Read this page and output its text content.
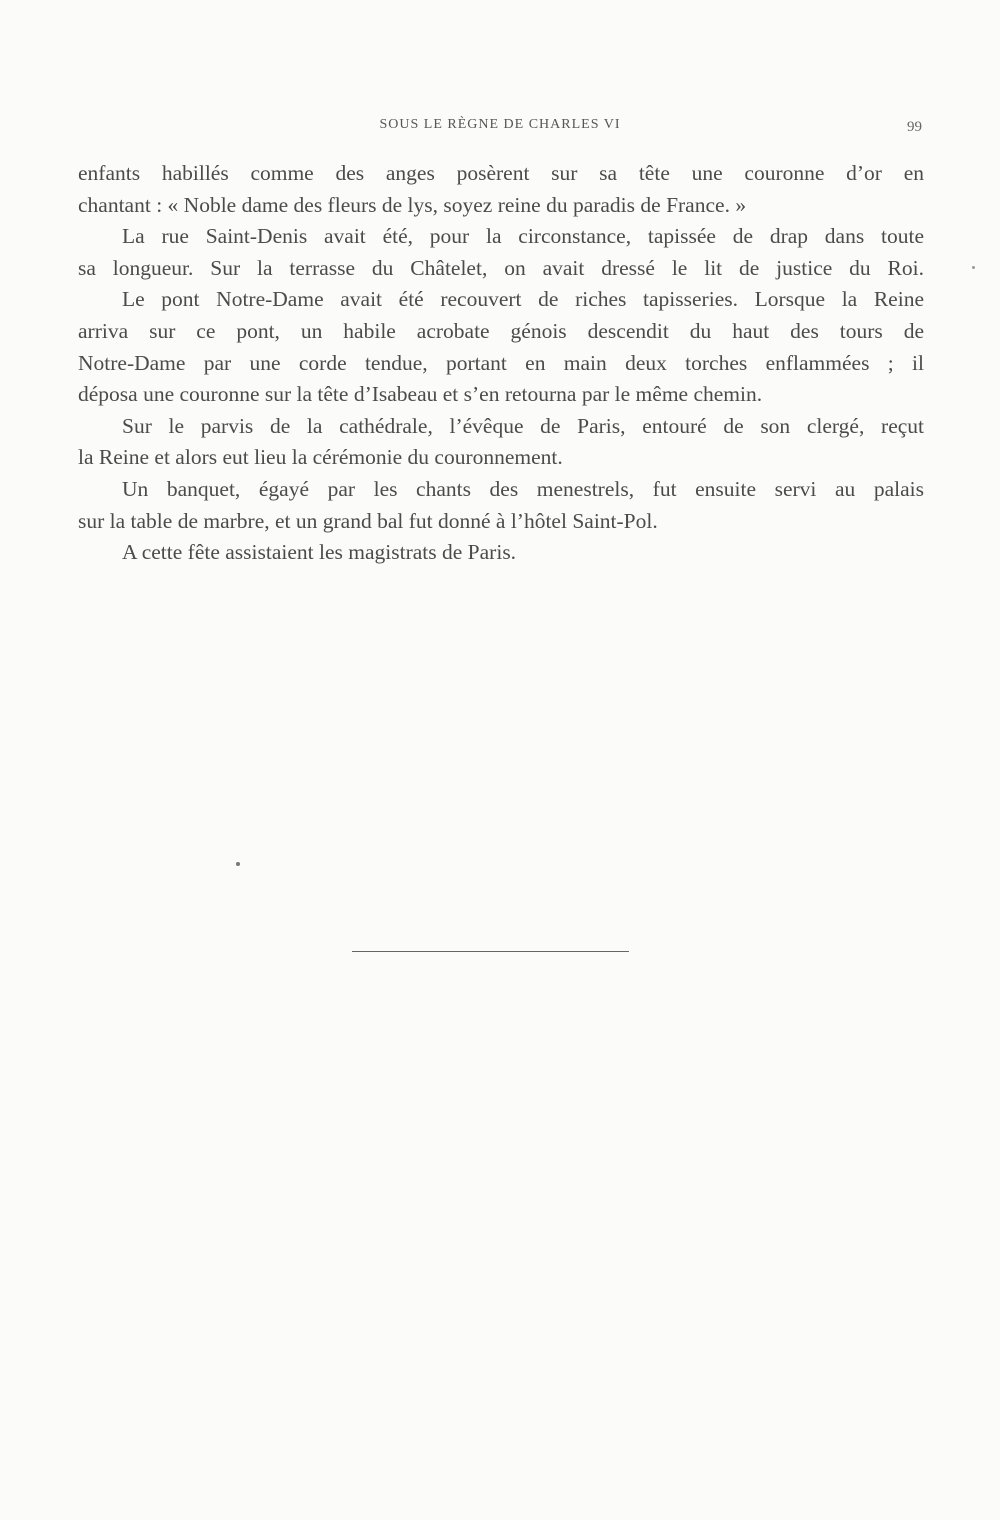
SOUS LE RÈGNE DE CHARLES VI	99
enfants habillés comme des anges posèrent sur sa tête une couronne d’or en
chantant : « Noble dame des fleurs de lys, soyez reine du paradis de France. »
La rue Saint-Denis avait été, pour la circonstance, tapissée de drap dans toute
sa longueur. Sur la terrasse du Châtelet, on avait dressé le lit de justice du Roi.
Le pont Notre-Dame avait été recouvert de riches tapisseries. Lorsque la Reine
arriva sur ce pont, un habile acrobate génois descendit du haut des tours de
Notre-Dame par une corde tendue, portant en main deux torches enflammées ; il
déposa une couronne sur la tête d’Isabeau et s’en retourna par le même chemin.
Sur le parvis de la cathédrale, l’évêque de Paris, entouré de son clergé, reçut
la Reine et alors eut lieu la cérémonie du couronnement.
Un banquet, égayé par les chants des menestrels, fut ensuite servi au palais
sur la table de marbre, et un grand bal fut donné à l’hôtel Saint-Pol.
A cette fête assistaient les magistrats de Paris.
